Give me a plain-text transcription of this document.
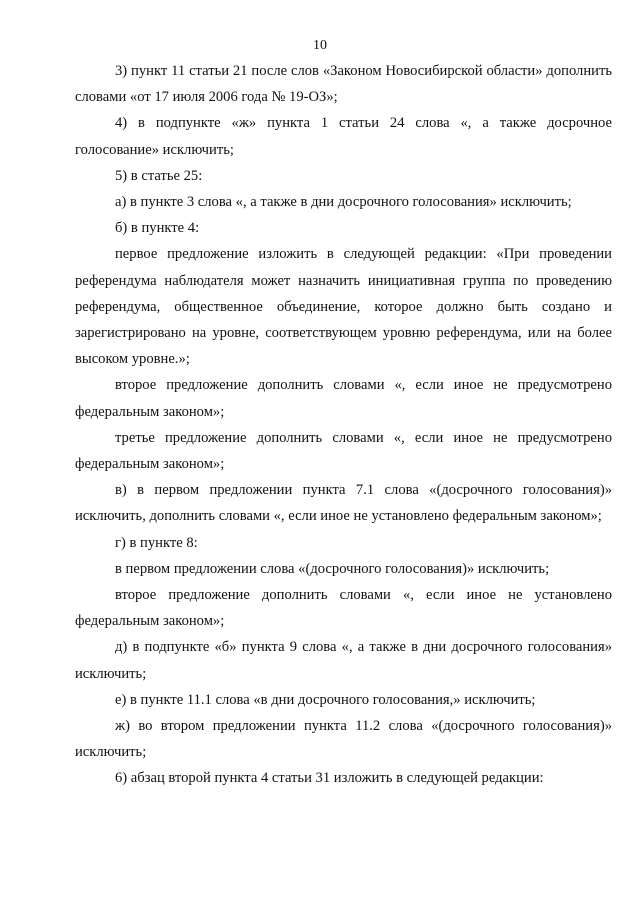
10

3) пункт 11 статьи 21 после слов «Законом Новосибирской области» дополнить словами «от 17 июля 2006 года № 19-ОЗ»;

4) в подпункте «ж» пункта 1 статьи 24 слова «, а также досрочное голосование» исключить;

5) в статье 25:

а) в пункте 3 слова «, а также в дни досрочного голосования» исключить;

б) в пункте 4:

первое предложение изложить в следующей редакции: «При проведении референдума наблюдателя может назначить инициативная группа по проведению референдума, общественное объединение, которое должно быть создано и зарегистрировано на уровне, соответствующем уровню референдума, или на более высоком уровне.»;

второе предложение дополнить словами «, если иное не предусмотрено федеральным законом»;

третье предложение дополнить словами «, если иное не предусмотрено федеральным законом»;

в) в первом предложении пункта 7.1 слова «(досрочного голосования)» исключить, дополнить словами «, если иное не установлено федеральным законом»;

г) в пункте 8:

в первом предложении слова «(досрочного голосования)» исключить;

второе предложение дополнить словами «, если иное не установлено федеральным законом»;

д) в подпункте «б» пункта 9 слова «, а также в дни досрочного голосования» исключить;

е) в пункте 11.1 слова «в дни досрочного голосования,» исключить;

ж) во втором предложении пункта 11.2 слова «(досрочного голосования)» исключить;

6) абзац второй пункта 4 статьи 31 изложить в следующей редакции:
